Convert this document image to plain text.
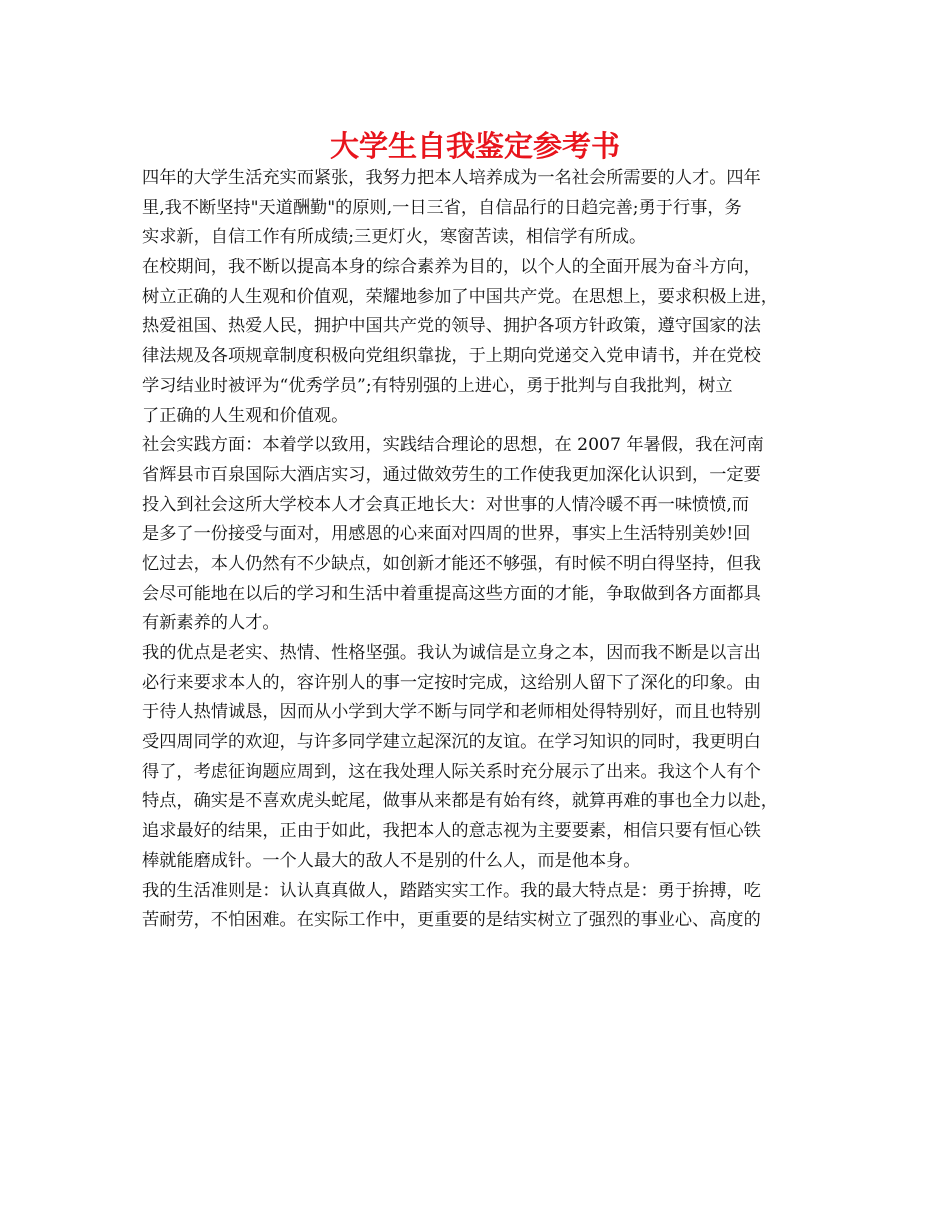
大学生自我鉴定参考书
四年的大学生活充实而紧张，我努力把本人培养成为一名社会所需要的人才。四年
里,我不断坚持"天道酬勤"的原则,一日三省，自信品行的日趋完善;勇于行事，务
实求新，自信工作有所成绩;三更灯火，寒窗苦读，相信学有所成。
在校期间，我不断以提高本身的综合素养为目的，以个人的全面开展为奋斗方向，
树立正确的人生观和价值观，荣耀地参加了中国共产党。在思想上，要求积极上进，
热爱祖国、热爱人民，拥护中国共产党的领导、拥护各项方针政策，遵守国家的法
律法规及各项规章制度积极向党组织靠拢，于上期向党递交入党申请书，并在党校
学习结业时被评为“优秀学员”;有特别强的上进心，勇于批判与自我批判，树立
了正确的人生观和价值观。
社会实践方面：本着学以致用，实践结合理论的思想，在 2007 年暑假，我在河南
省辉县市百泉国际大酒店实习，通过做效劳生的工作使我更加深化认识到，一定要
投入到社会这所大学校本人才会真正地长大：对世事的人情冷暖不再一味愤愤,而
是多了一份接受与面对，用感恩的心来面对四周的世界，事实上生活特别美妙!回
忆过去，本人仍然有不少缺点，如创新才能还不够强，有时候不明白得坚持，但我
会尽可能地在以后的学习和生活中着重提高这些方面的才能，争取做到各方面都具
有新素养的人才。
我的优点是老实、热情、性格坚强。我认为诚信是立身之本，因而我不断是以言出
必行来要求本人的，容许别人的事一定按时完成，这给别人留下了深化的印象。由
于待人热情诚恳，因而从小学到大学不断与同学和老师相处得特别好，而且也特别
受四周同学的欢迎，与许多同学建立起深沉的友谊。在学习知识的同时，我更明白
得了，考虑征询题应周到，这在我处理人际关系时充分展示了出来。我这个人有个
特点，确实是不喜欢虎头蛇尾，做事从来都是有始有终，就算再难的事也全力以赴，
追求最好的结果，正由于如此，我把本人的意志视为主要要素，相信只要有恒心铁
棒就能磨成针。一个人最大的敌人不是别的什么人，而是他本身。
我的生活准则是：认认真真做人，踏踏实实工作。我的最大特点是：勇于拚搏，吃
苦耐劳，不怕困难。在实际工作中，更重要的是结实树立了强烈的事业心、高度的
